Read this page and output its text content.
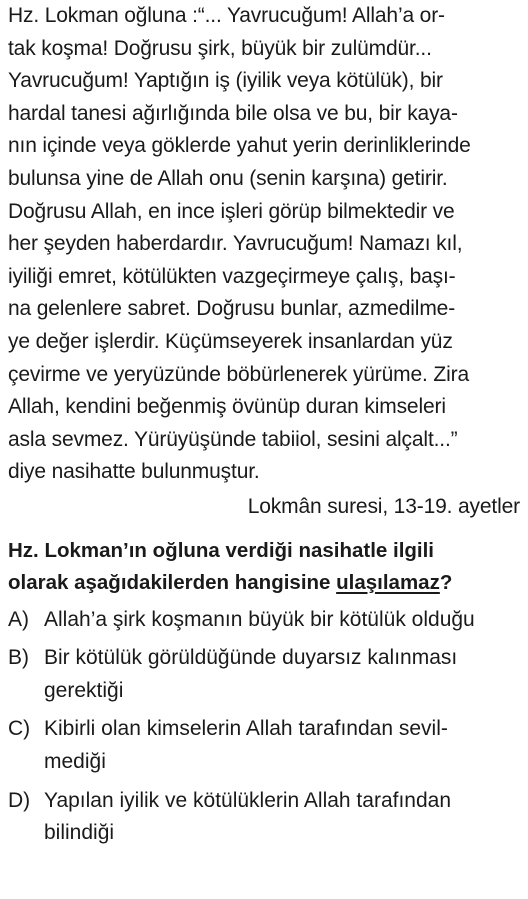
Hz. Lokman oğluna :“... Yavrucuğum! Allah’a or-
tak koşma! Doğrusu şirk, büyük bir zulümdür...
Yavrucuğum! Yaptığın iş (iyilik veya kötülük), bir
hardal tanesi ağırlığında bile olsa ve bu, bir kaya-
nın içinde veya göklerde yahut yerin derinliklerinde
bulunsa yine de Allah onu (senin karşına) getirir.
Doğrusu Allah, en ince işleri görüp bilmektedir ve
her şeyden haberdardır. Yavrucuğum! Namazı kıl,
iyiliği emret, kötülükten vazgeçirmeye çalış, başı-
na gelenlere sabret. Doğrusu bunlar, azmedilme-
ye değer işlerdir. Küçümseyerek insanlardan yüz
çevirme ve yeryüzünde böbürlenerek yürüme. Zira
Allah, kendini beğenmiş övünüp duran kimseleri
asla sevmez. Yürüyüşünde tabiiol, sesini alçalt...”
diye nasihatte bulunmuştur.
Lokmân suresi, 13-19. ayetler
Hz. Lokman’ın oğluna verdiği nasihatle ilgili
olarak aşağıdakilerden hangisine ulaşılamaz?
A) Allah’a şirk koşmanın büyük bir kötülük olduğu
B) Bir kötülük görüldüğünde duyarsız kalınması
gerektiği
C) Kibirli olan kimselerin Allah tarafından sevil-
mediği
D) Yapılan iyilik ve kötülüklerin Allah tarafından
bilindiği
